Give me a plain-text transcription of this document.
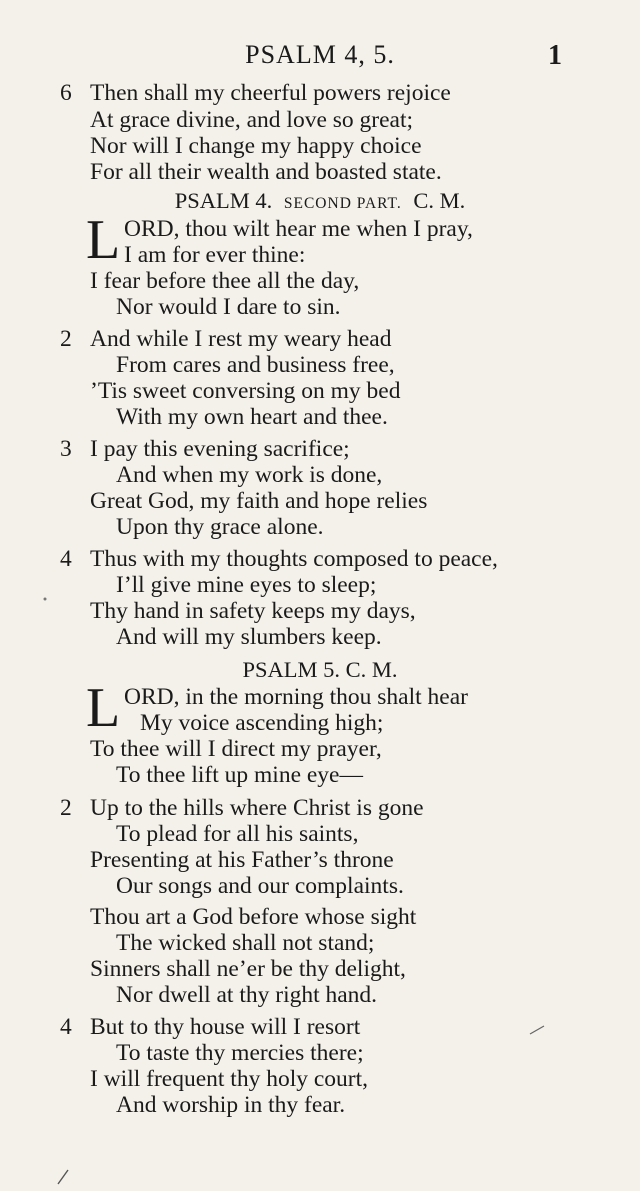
PSALM 4, 5.	1
6 Then shall my cheerful powers rejoice
At grace divine, and love so great;
Nor will I change my happy choice
For all their wealth and boasted state.
PSALM 4. SECOND PART. C. M.
L ORD, thou wilt hear me when I pray,
I am for ever thine:
I fear before thee all the day,
Nor would I dare to sin.
2 And while I rest my weary head
From cares and business free,
’Tis sweet conversing on my bed
With my own heart and thee.
3 I pay this evening sacrifice;
And when my work is done,
Great God, my faith and hope relies
Upon thy grace alone.
4 Thus with my thoughts composed to peace,
I’ll give mine eyes to sleep;
Thy hand in safety keeps my days,
And will my slumbers keep.
PSALM 5. C. M.
L ORD, in the morning thou shalt hear
My voice ascending high;
To thee will I direct my prayer,
To thee lift up mine eye—
2 Up to the hills where Christ is gone
To plead for all his saints,
Presenting at his Father’s throne
Our songs and our complaints.
Thou art a God before whose sight
The wicked shall not stand;
Sinners shall ne’er be thy delight,
Nor dwell at thy right hand.
4 But to thy house will I resort
To taste thy mercies there;
I will frequent thy holy court,
And worship in thy fear.
